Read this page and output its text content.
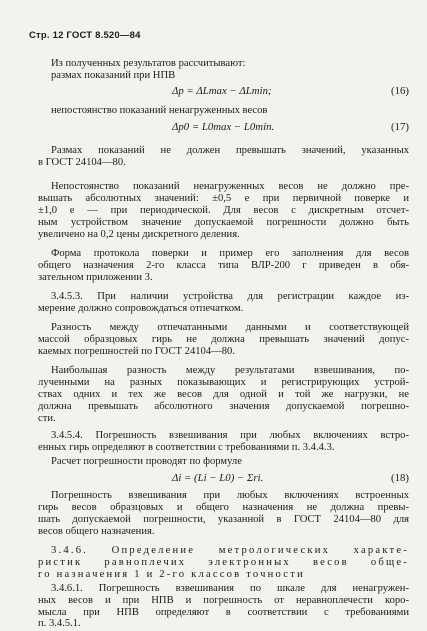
Стр. 12 ГОСТ 8.520—84
Из полученных результатов рассчитывают:
размах показаний при НПВ
Δp = ΔLmax − ΔLmin;	(16)
непостоянство показаний ненагруженных весов
Δp0 = L0max − L0min.	(17)
Размах показаний не должен превышать значений, указанных
в ГОСТ 24104—80.
Непостоянство показаний ненагруженных весов не должно пре-
вышать абсолютных значений: ±0,5 е при первичной поверке и
±1,0 е — при периодической. Для весов с дискретным отсчет-
ным устройством значение допускаемой погрешности должно быть
увеличено на 0,2 цены дискретного деления.
Форма протокола поверки и пример его заполнения для весов
общего назначения 2-го класса типа ВЛР-200 г приведен в обя-
зательном приложении 3.
3.4.5.3. При наличии устройства для регистрации каждое из-
мерение должно сопровождаться отпечатком.
Разность между отпечатанными данными и соответствующей
массой образцовых гирь не должна превышать значений допус-
каемых погрешностей по ГОСТ 24104—80.
Наибольшая разность между результатами взвешивания, по-
лученными на разных показывающих и регистрирующих устрой-
ствах одних и тех же весов для одной и той же нагрузки, не
должна превышать абсолютного значения допускаемой погрешно-
сти.
3.4.5.4. Погрешность взвешивания при любых включениях встро-
енных гирь определяют в соответствии с требованиями п. 3.4.4.3.
Расчет погрешности проводят по формуле
Δi = (Li − L0) − Σri.	(18)
Погрешность взвешивания при любых включениях встроенных
гирь весов образцовых и общего назначения не должна превы-
шать допускаемой погрешности, указанной в ГОСТ 24104—80 для
весов общего назначения.
3.4.6. Определение метрологических характе-
ристик равноплечих электронных весов обще-
го назначения 1 и 2-го классов точности
3.4.6.1. Погрешность взвешивания по шкале для ненагружен-
ных весов и при НПВ и погрешность от неравноплечести коро-
мысла при НПВ определяют в соответствии с требованиями
п. 3.4.5.1.
